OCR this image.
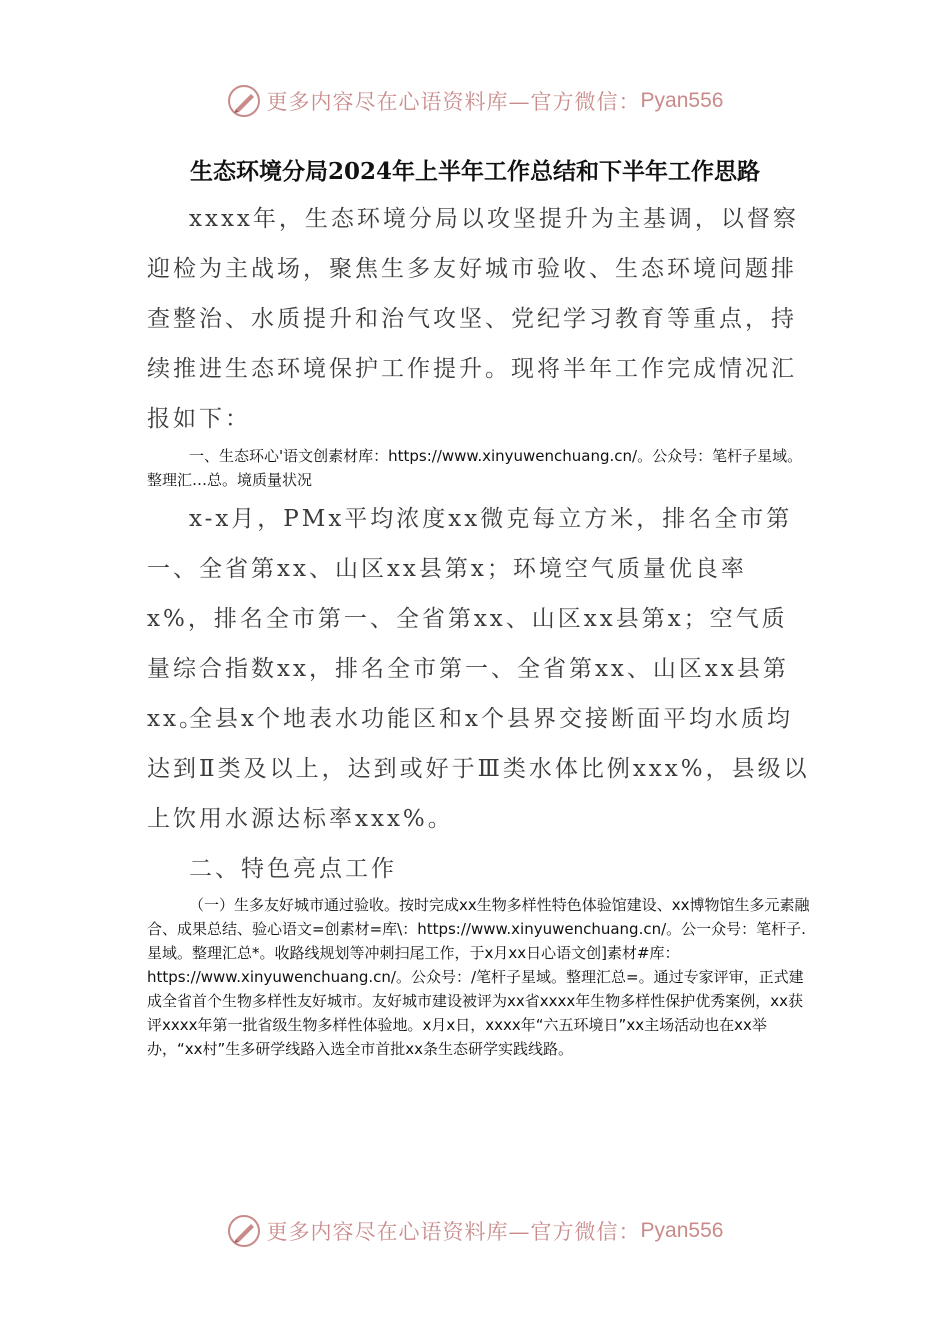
更多内容尽在心语资料库—官方微信： Pyan556
生态环境分局2024年上半年工作总结和下半年工作思路

xxxx年，生态环境分局以攻坚提升为主基调，以督察迎检为主战场，聚焦生多友好城市验收、生态环境问题排查整治、水质提升和治气攻坚、党纪学习教育等重点，持续推进生态环境保护工作提升。现将半年工作完成情况汇报如下：

一、生态环心'语文创素材库：https://www.xinyuwenchuang.cn/。公众号：笔杆子星域。整理汇…总。境质量状况

x-x月，PMx平均浓度xx微克每立方米，排名全市第一、全省第xx、山区xx县第x；环境空气质量优良率x%，排名全市第一、全省第xx、山区xx县第x；空气质量综合指数xx，排名全市第一、全省第xx、山区xx县第xx。

全县x个地表水功能区和x个县界交接断面平均水质均达到Ⅱ类及以上，达到或好于Ⅲ类水体比例xxx%，县级以上饮用水源达标率xxx%。

二、特色亮点工作

（一）生多友好城市通过验收。按时完成xx生物多样性特色体验馆建设、xx博物馆生多元素融合、成果总结、验心语文=创素材=库\：https://www.xinyuwenchuang.cn/。公一众号：笔杆子.星域。整理汇总*。收路线规划等冲刺扫尾工作，于x月xx日心语文创]素材#库：https://www.xinyuwenchuang.cn/。公众号：/笔杆子星域。整理汇总=。通过专家评审，正式建成全省首个生物多样性友好城市。友好城市建设被评为xx省xxxx年生物多样性保护优秀案例，xx获评xxxx年第一批省级生物多样性体验地。x月x日，xxxx年“六五环境日”xx主场活动也在xx举办，“xx村”生多研学线路入选全市首批xx条生态研学实践线路。

更多内容尽在心语资料库—官方微信： Pyan556
